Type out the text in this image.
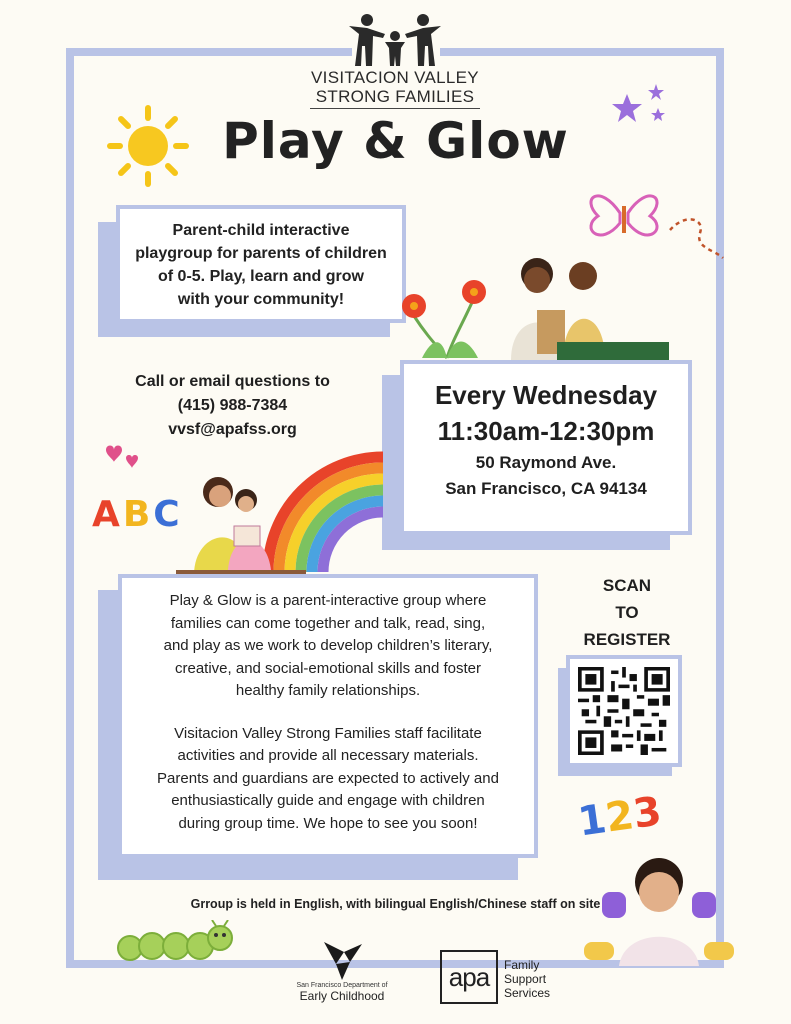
VISITACION VALLEY
STRONG FAMILIES
Play & Glow
Parent-child interactive
playgroup for parents of children
of 0-5. Play, learn and grow
with your community!
Call or email questions to
(415) 988-7384
vvsf@apafss.org
Every Wednesday
11:30am-12:30pm
50 Raymond Ave.
San Francisco, CA 94134
ABC
Play & Glow is a parent-interactive group where
families can come together and talk, read, sing,
and play as we work to develop children’s literary,
creative, and social-emotional skills and foster
healthy family relationships.
Visitacion Valley Strong Families staff facilitate
activities and provide all necessary materials.
Parents and guardians are expected to actively and
enthusiastically guide and engage with children
during group time. We hope to see you soon!
SCAN
TO
REGISTER
123
Grroup is held in English, with bilingual English/Chinese staff on site
San Francisco Department of
Early Childhood
apa	Family
Support
Services
